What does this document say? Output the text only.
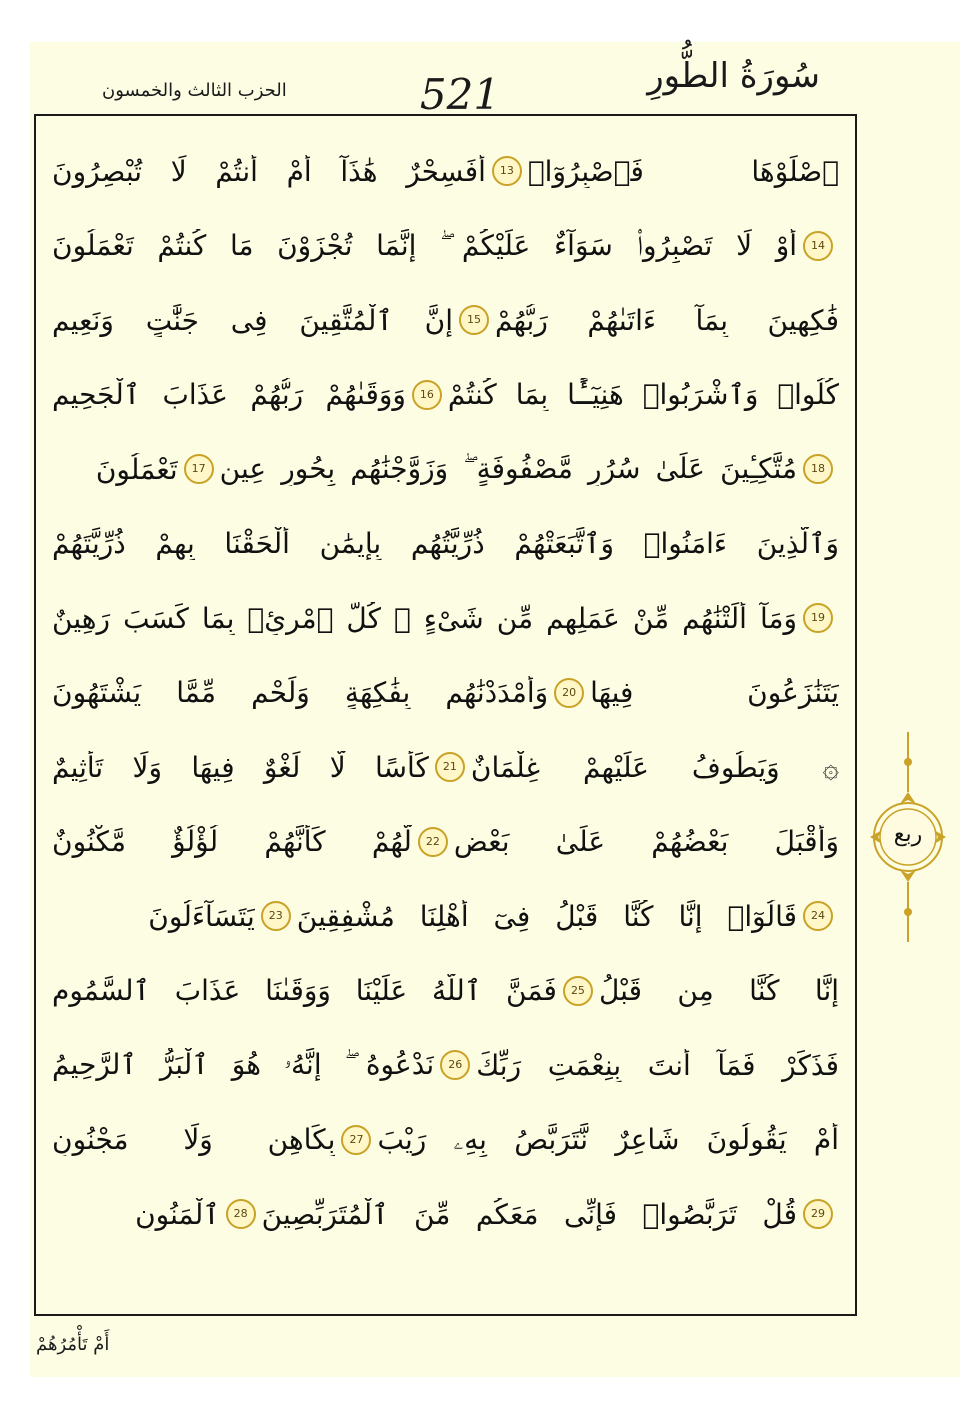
سُورَةُ الطُّورِ
521
الحزب الثالث والخمسون
أَفَسِحْرٌ هَٰذَآ أَمْ أَنتُمْ لَا تُبْصِرُونَ	13 ٱصْلَوْهَا فَٱصْبِرُوٓا۟
أَوْ لَا تَصْبِرُوا۟ سَوَآءٌ عَلَيْكُمْ ۖ إِنَّمَا تُجْزَوْنَ مَا كُنتُمْ تَعْمَلُونَ	14
إِنَّ ٱلْمُتَّقِينَ فِى جَنَّٰتٍ وَنَعِيمٍ	15 فَٰكِهِينَ بِمَآ ءَاتَىٰهُمْ رَبُّهُمْ
وَوَقَىٰهُمْ رَبُّهُمْ عَذَابَ ٱلْجَحِيمِ	16 كُلُوا۟ وَٱشْرَبُوا۟ هَنِيٓـًٔۢا بِمَا كُنتُمْ
تَعْمَلُونَ	17 مُتَّكِـِٔينَ عَلَىٰ سُرُرٍ مَّصْفُوفَةٍ ۖ وَزَوَّجْنَٰهُم بِحُورٍ عِينٍ	18
وَٱلَّذِينَ ءَامَنُوا۟ وَٱتَّبَعَتْهُمْ ذُرِّيَّتُهُم بِإِيمَٰنٍ أَلْحَقْنَا بِهِمْ ذُرِّيَّتَهُمْ
وَمَآ أَلَتْنَٰهُم مِّنْ عَمَلِهِم مِّن شَىْءٍ ۚ كُلُّ ٱمْرِئٍۭ بِمَا كَسَبَ رَهِينٌ	19
وَأَمْدَدْنَٰهُم بِفَٰكِهَةٍ وَلَحْمٍ مِّمَّا يَشْتَهُونَ	20 يَتَنَٰزَعُونَ فِيهَا
كَأْسًا لَّا لَغْوٌ فِيهَا وَلَا تَأْثِيمٌ	21 ۞ وَيَطُوفُ عَلَيْهِمْ غِلْمَانٌ
لَّهُمْ كَأَنَّهُمْ لُؤْلُؤٌ مَّكْنُونٌ	22 وَأَقْبَلَ بَعْضُهُمْ عَلَىٰ بَعْضٍ
يَتَسَآءَلُونَ	23 قَالُوٓا۟ إِنَّا كُنَّا قَبْلُ فِىٓ أَهْلِنَا مُشْفِقِينَ	24
فَمَنَّ ٱللَّهُ عَلَيْنَا وَوَقَىٰنَا عَذَابَ ٱلسَّمُومِ	25 إِنَّا كُنَّا مِن قَبْلُ
نَدْعُوهُ ۖ إِنَّهُۥ هُوَ ٱلْبَرُّ ٱلرَّحِيمُ	26 فَذَكِّرْ فَمَآ أَنتَ بِنِعْمَتِ رَبِّكَ
بِكَاهِنٍ وَلَا مَجْنُونٍ	27 أَمْ يَقُولُونَ شَاعِرٌ نَّتَرَبَّصُ بِهِۦ رَيْبَ
ٱلْمَنُونِ	28 قُلْ تَرَبَّصُوا۟ فَإِنِّى مَعَكُم مِّنَ ٱلْمُتَرَبِّصِينَ	29
ربع
أَمْ تَأْمُرُهُمْ
